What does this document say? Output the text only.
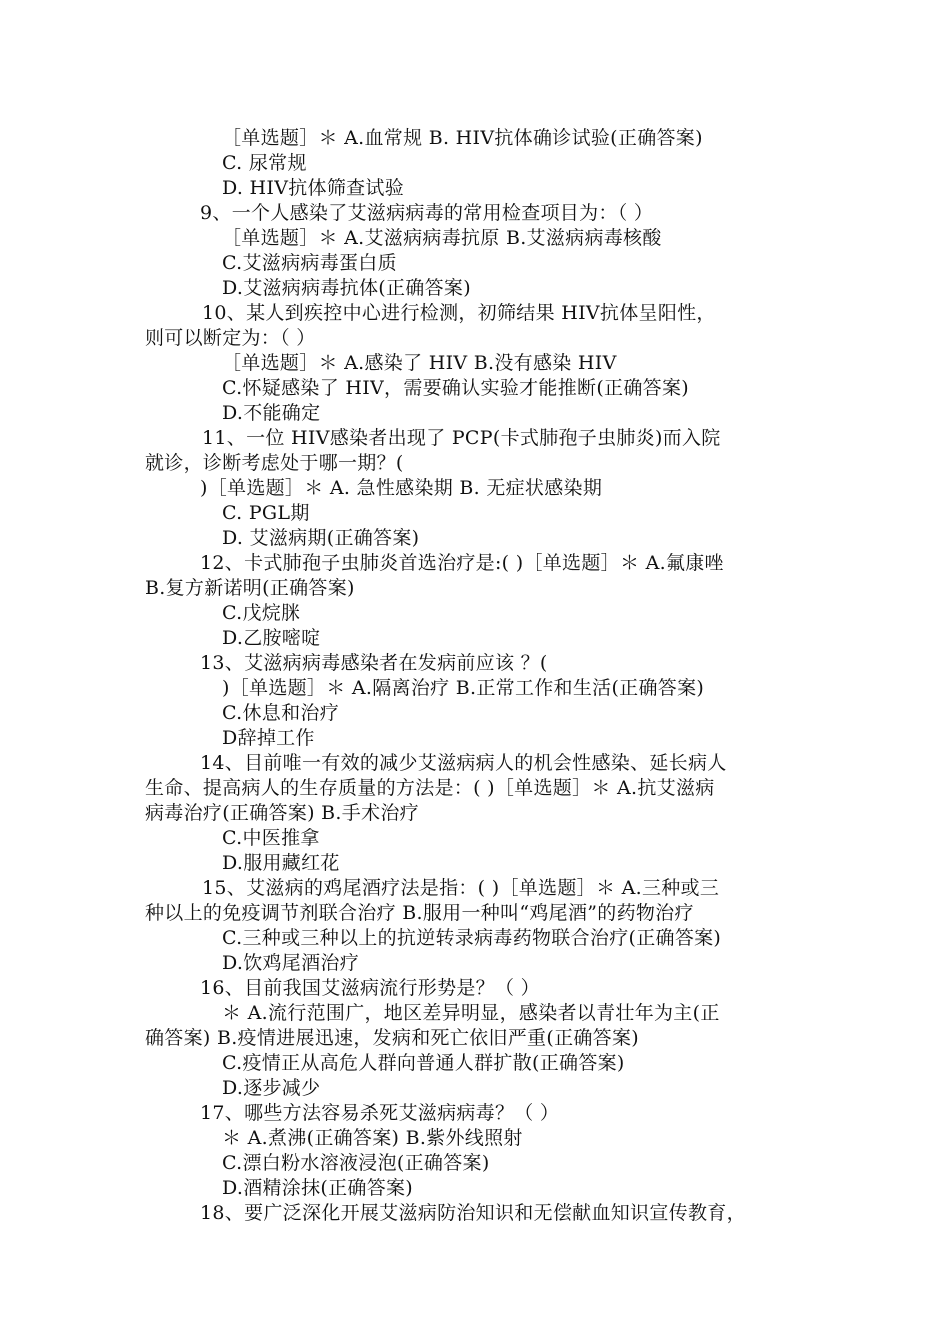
［单选题］＊ A.血常规 B. HIV抗体确诊试验(正确答案)
C. 尿常规
D. HIV抗体筛查试验
9、一个人感染了艾滋病病毒的常用检查项目为：（ ）
［单选题］＊ A.艾滋病病毒抗原 B.艾滋病病毒核酸
C.艾滋病病毒蛋白质
D.艾滋病病毒抗体(正确答案)
10、某人到疾控中心进行检测，初筛结果 HIV抗体呈阳性，
则可以断定为：（ ）
［单选题］＊ A.感染了 HIV B.没有感染 HIV
C.怀疑感染了 HIV，需要确认实验才能推断(正确答案)
D.不能确定
11、一位 HIV感染者出现了 PCP(卡式肺孢子虫肺炎)而入院
就诊，诊断考虑处于哪一期？(
)［单选题］＊ A. 急性感染期 B. 无症状感染期
C. PGL期
D. 艾滋病期(正确答案)
12、卡式肺孢子虫肺炎首选治疗是:( )［单选题］＊ A.氟康唑
B.复方新诺明(正确答案)
C.戊烷脒
D.乙胺嘧啶
13、艾滋病病毒感染者在发病前应该 ？(
)［单选题］＊ A.隔离治疗 B.正常工作和生活(正确答案)
C.休息和治疗
D辞掉工作
14、目前唯一有效的减少艾滋病病人的机会性感染、延长病人
生命、提高病人的生存质量的方法是：( )［单选题］＊ A.抗艾滋病
病毒治疗(正确答案) B.手术治疗
C.中医推拿
D.服用藏红花
15、艾滋病的鸡尾酒疗法是指：( )［单选题］＊ A.三种或三
种以上的免疫调节剂联合治疗 B.服用一种叫“鸡尾酒”的药物治疗
C.三种或三种以上的抗逆转录病毒药物联合治疗(正确答案)
D.饮鸡尾酒治疗
16、目前我国艾滋病流行形势是？（ ）
＊ A.流行范围广，地区差异明显，感染者以青壮年为主(正
确答案) B.疫情进展迅速，发病和死亡依旧严重(正确答案)
C.疫情正从高危人群向普通人群扩散(正确答案)
D.逐步减少
17、哪些方法容易杀死艾滋病病毒？（ ）
＊ A.煮沸(正确答案) B.紫外线照射
C.漂白粉水溶液浸泡(正确答案)
D.酒精涂抹(正确答案)
18、要广泛深化开展艾滋病防治知识和无偿献血知识宣传教育，
